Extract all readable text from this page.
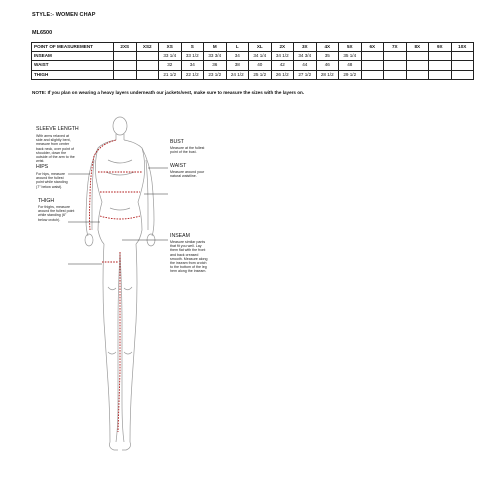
STYLE:- WOMEN CHAP
ML6500
POINT OF MEASUREMENT	2XS	XS2	XS	S	M	L	XL	2X	3X	4X	5X	6X	7X	8X	9X	10X
INSEAM			33 1/4	33 1/2	33 3/4	34	34 1/4	34 1/2	34 3/4	35	35 1/4					
WAIST			32	34	36	38	40	42	44	46	48					
THIGH			21 1/2	22 1/2	23 1/2	24 1/2	25 1/2	26 1/2	27 1/2	28 1/2	29 1/2					
NOTE: If you plan on wearing a heavy layers underneath our jackets/vest, make sure to measure the sizes with the layers on.
SLEEVE LENGTH
With arms relaxed at side and slightly bent, measure from center back neck, over point of shoulder, down the outside of the arm to the wrist.
BUST
Measure at the fullest point of the bust.
WAIST
Measure around your natural waistline.
HIPS
For hips, measure around the fullest point while standing (7" below waist).
INSEAM
Measure similar pants that fit you well. Lay them flat with the front and back creased smooth. Measure along the inseam from crotch to the bottom of the leg hem along the inseam.
THIGH
For thighs, measure around the fullest point while standing (6" below crotch).
